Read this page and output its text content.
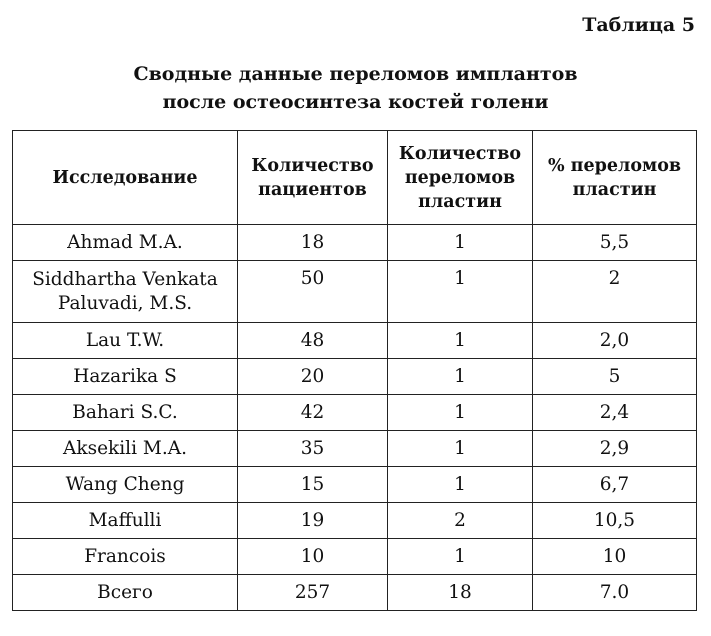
Таблица 5
Сводные данные переломов имплантов
после остеосинтеза костей голени
Исследование	Количество пациентов	Количество переломов пластин	% переломов пластин
Ahmad M.A.	18	1	5,5
Siddhartha Venkata Paluvadi, M.S.	50	1	2
Lau T.W.	48	1	2,0
Hazarika S	20	1	5
Bahari S.C.	42	1	2,4
Aksekili M.A.	35	1	2,9
Wang Cheng	15	1	6,7
Maffulli	19	2	10,5
Francois	10	1	10
Всего	257	18	7.0
